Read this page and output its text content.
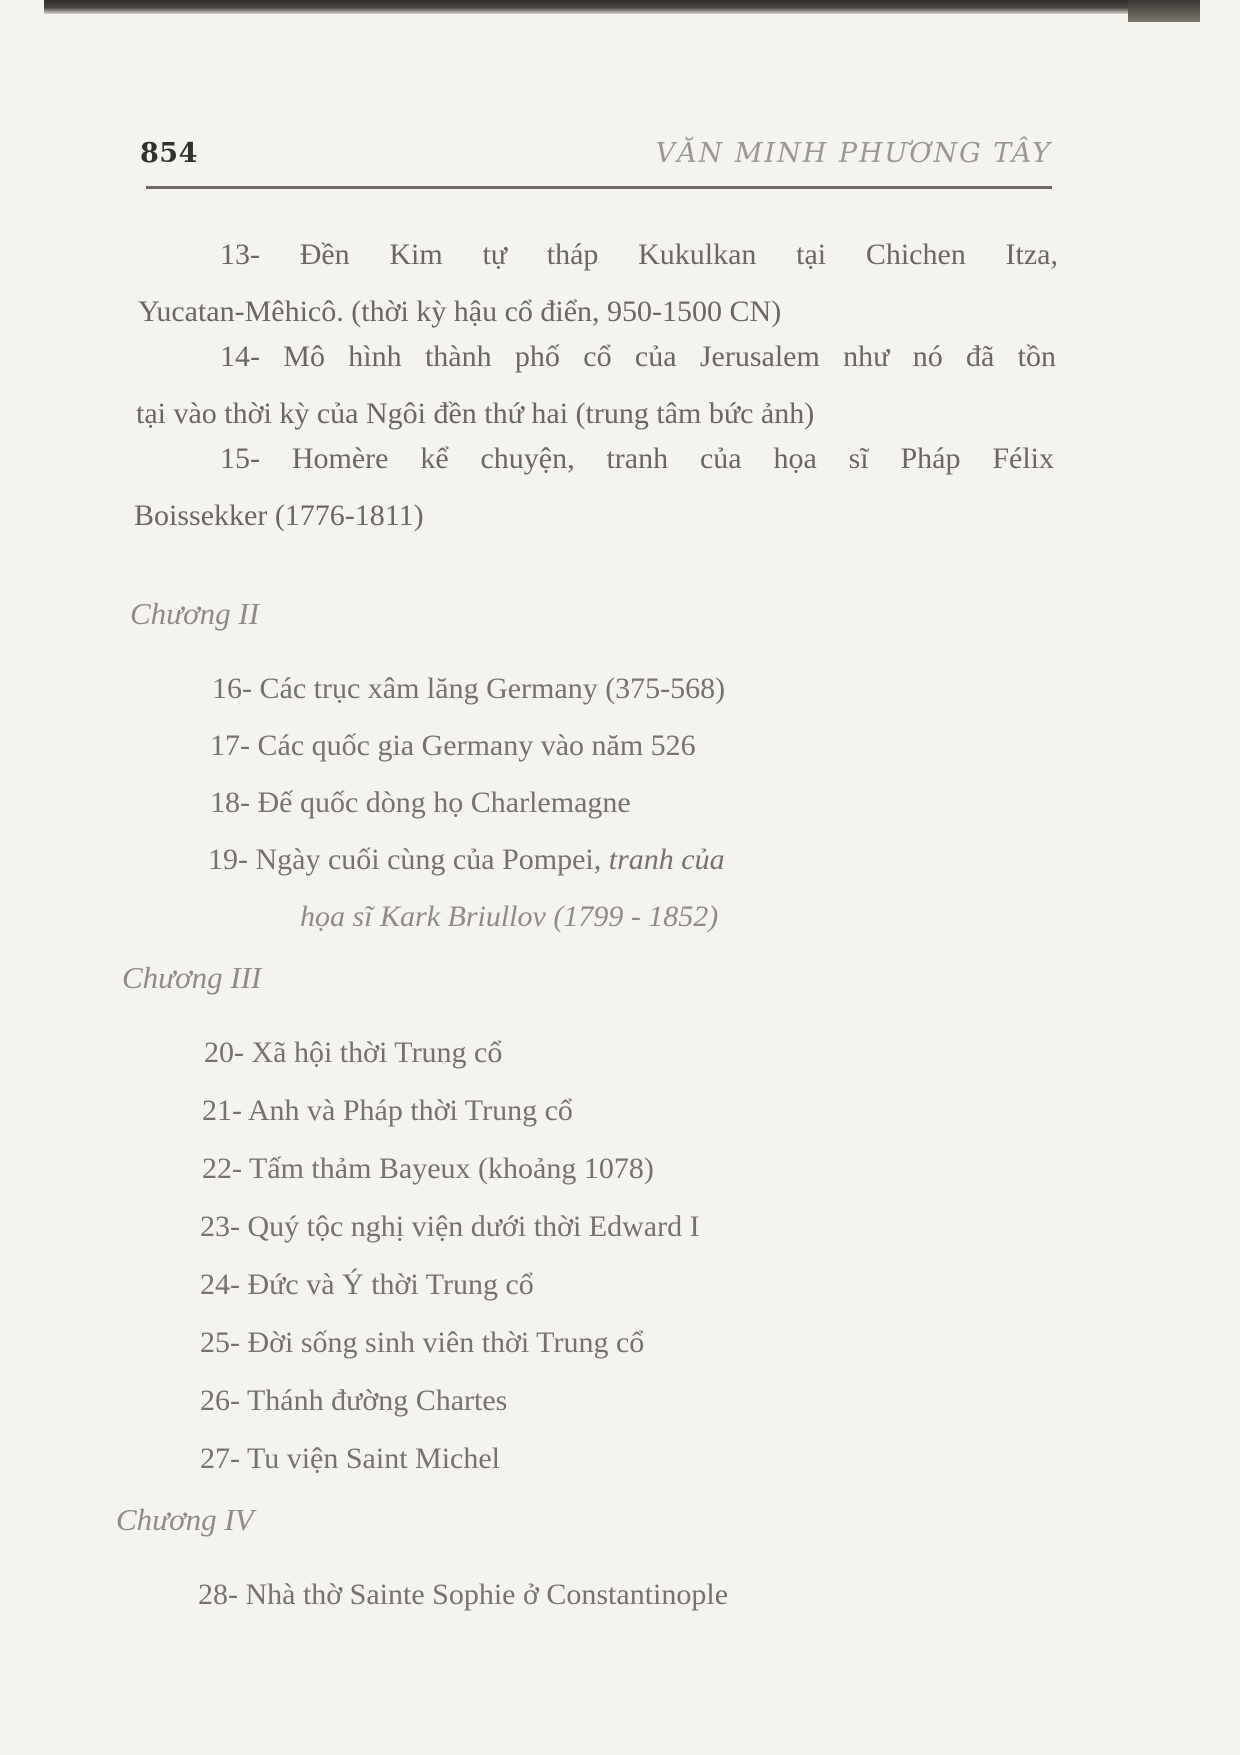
854	VĂN MINH PHƯƠNG TÂY
13- Đền Kim tự tháp Kukulkan tại Chichen Itza,
Yucatan-Mêhicô. (thời kỳ hậu cổ điển, 950-1500 CN)
14- Mô hình thành phố cổ của Jerusalem như nó đã tồn
tại vào thời kỳ của Ngôi đền thứ hai (trung tâm bức ảnh)
15- Homère kể chuyện, tranh của họa sĩ Pháp Félix
Boissekker (1776-1811)
Chương II
16- Các trục xâm lăng Germany (375-568)
17- Các quốc gia Germany vào năm 526
18- Đế quốc dòng họ Charlemagne
19- Ngày cuối cùng của Pompei, tranh của
họa sĩ Kark Briullov (1799 - 1852)
Chương III
20- Xã hội thời Trung cổ
21- Anh và Pháp thời Trung cổ
22- Tấm thảm Bayeux (khoảng 1078)
23- Quý tộc nghị viện dưới thời Edward I
24- Đức và Ý thời Trung cổ
25- Đời sống sinh viên thời Trung cổ
26- Thánh đường Chartes
27- Tu viện Saint Michel
Chương IV
28- Nhà thờ Sainte Sophie ở Constantinople
